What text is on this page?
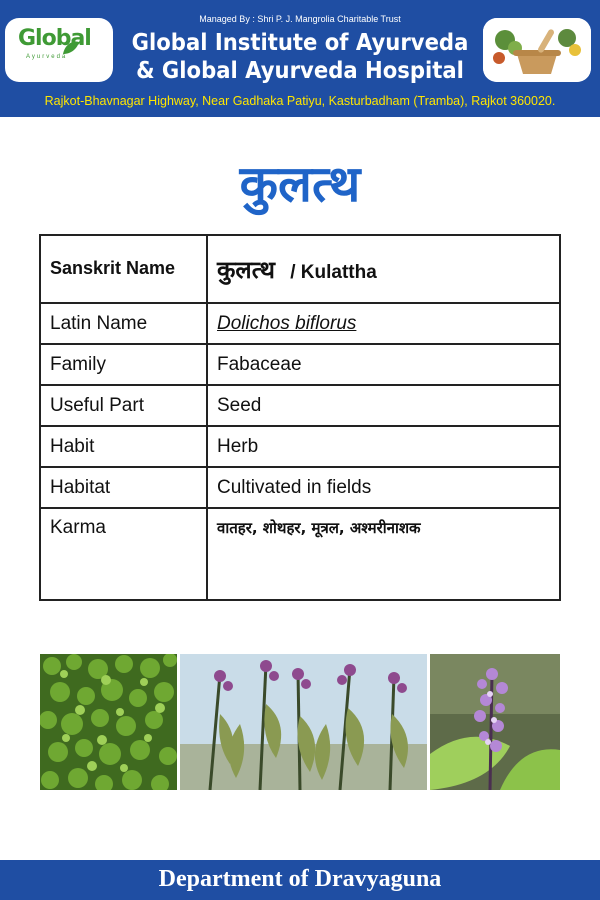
Managed By : Shri P. J. Mangrolia Charitable Trust
Global
Ayurveda
Global Institute of Ayurveda
& Global Ayurveda Hospital
Rajkot-Bhavnagar Highway, Near Gadhaka Patiyu, Kasturbadham (Tramba), Rajkot 360020.
कुलत्थ
Sanskrit Name	कुलत्थ / Kulattha
Latin Name	Dolichos biflorus
Family	Fabaceae
Useful Part	Seed
Habit	Herb
Habitat	Cultivated in fields
Karma	वातहर, शोथहर, मूत्रल, अश्मरीनाशक
Department of Dravyaguna
